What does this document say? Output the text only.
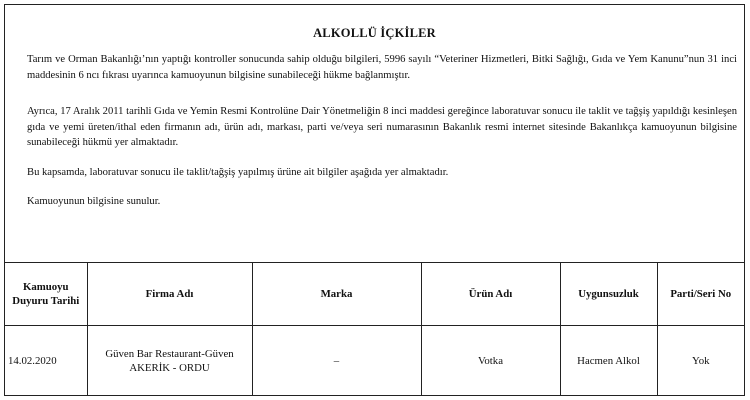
ALKOLLÜ İÇKİLER

Tarım ve Orman Bakanlığı’nın yaptığı kontroller sonucunda sahip olduğu bilgileri, 5996 sayılı “Veteriner Hizmetleri, Bitki Sağlığı, Gıda ve Yem Kanunu”nun 31 inci maddesinin 6 ncı fıkrası uyarınca kamuoyunun bilgisine sunabileceği hükmе bağlanmıştır.

Ayrıca, 17 Aralık 2011 tarihli Gıda ve Yemin Resmi Kontrolüne Dair Yönetmeliğin 8 inci maddesi gereğince laboratuvar sonucu ile taklit ve tağşiş yapıldığı kesinleşen gıda ve yemi üreten/ithal eden firmanın adı, ürün adı, markası, parti ve/veya seri numarasının Bakanlık resmi internet sitesinde Bakanlıkça kamuoyunun bilgisine sunabileceği hükmü yer almaktadır.

Bu kapsamda, laboratuvar sonucu ile taklit/tağşiş yapılmış ürüne ait bilgiler aşağıda yer almaktadır.

Kamuoyunun bilgisine sunulur.

Kamuoyu Duyuru Tarihi	Firma Adı	Marka	Ürün Adı	Uygunsuzluk	Parti/Seri No
14.02.2020	Güven Bar Restaurant-Güven
AKERİK - ORDU	–	Votka	Hacmen Alkol	Yok
